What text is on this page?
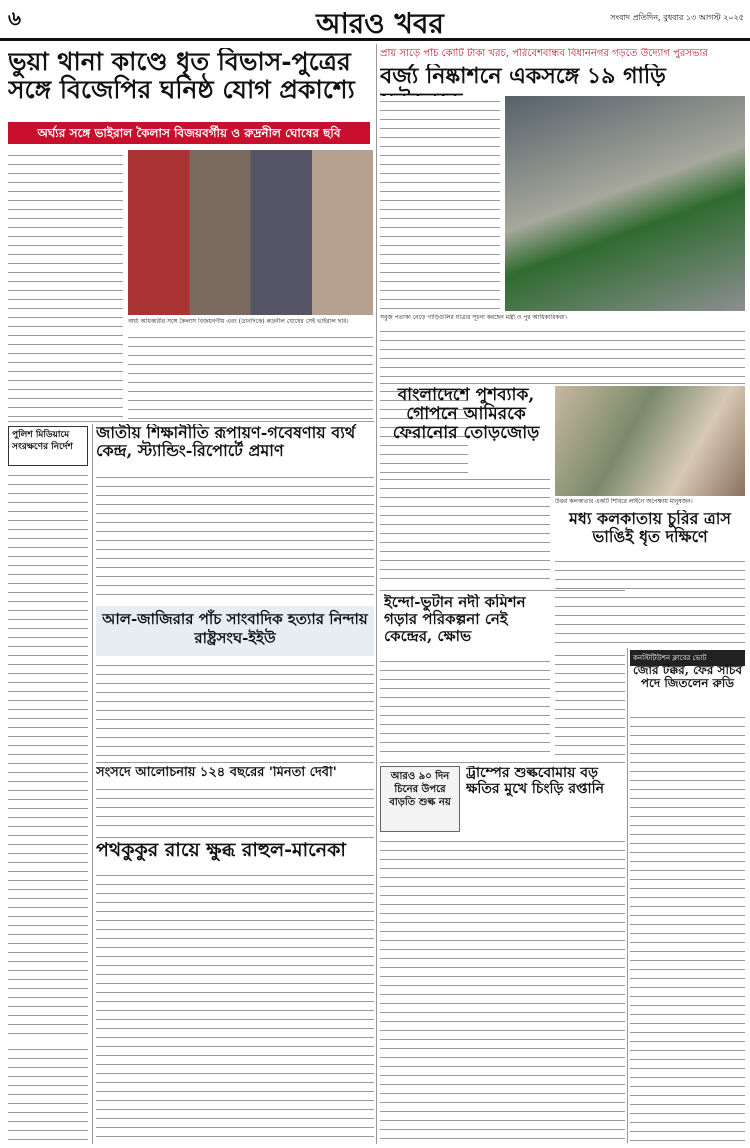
৬	আরও খবর	সংবাদ প্রতিদিন, বুধবার ১৩ আগস্ট ২০২৫
ভুয়া থানা কাণ্ডে ধৃত বিভাস-পুত্রের
সঙ্গে বিজেপির ঘনিষ্ঠ যোগ প্রকাশ্যে
অর্ঘ্যর সঙ্গে ভাইরাল কৈলাস বিজয়বর্গীয় ও রুদ্রনীল ঘোষের ছবি
অর্ঘ্য অধিকারীর সঙ্গে কৈলাস বিজয়বর্গীয় এবং (ডানদিকে) রুদ্রনীল ঘোষের সেই ভাইরাল ছবি।
প্রায় সাড়ে পাঁচ কোটি টাকা খরচ, পরিবেশবান্ধব বিধাননগর গড়তে উদ্যোগ পুরসভার
বর্জ্য নিষ্কাশনে একসঙ্গে ১৯ গাড়ি
সবুজ পতাকা নেড়ে গাড়িগুলির যাত্রার সূচনা করছেন মন্ত্রী ও পুর আধিকারিকরা।
পুলিশ মিডিয়ামে সংরক্ষণের নির্দেশ
জাতীয় শিক্ষানীতি রূপায়ণ-গবেষণায় ব্যর্থ কেন্দ্র, স্ট্যান্ডিং-রিপোর্টে প্রমাণ
বাংলাদেশে পুশব্যাক, গোপনে আমিরকে ফেরানোর তোড়জোড়
উত্তর কলকাতার একটি শিবিরে লাইনে অপেক্ষায় মানুষজন।
মধ্য কলকাতায় চুরির ত্রাস ভাঙিই ধৃত দক্ষিণে
আল-জাজিরার পাঁচ সাংবাদিক হত্যার নিন্দায় রাষ্ট্রসংঘ-ইইউ
ইন্দো-ভুটান নদী কমিশন গড়ার পরিকল্পনা নেই কেন্দ্রের, ক্ষোভ
কনস্টিটিউশন ক্লাবের ভোট
জোর টক্কর, ফের সচিব পদে জিতলেন রুডি
সংসদে আলোচনায় ১২৪ বছরের 'মিনতা দেবী'	আরও ৯০ দিন চিনের উপরে বাড়তি শুল্ক নয়
ট্রাম্পের শুল্কবোমায় বড় ক্ষতির মুখে চিংড়ি রপ্তানি
পথকুকুর রায়ে ক্ষুব্ধ রাহুল-মানেকা
